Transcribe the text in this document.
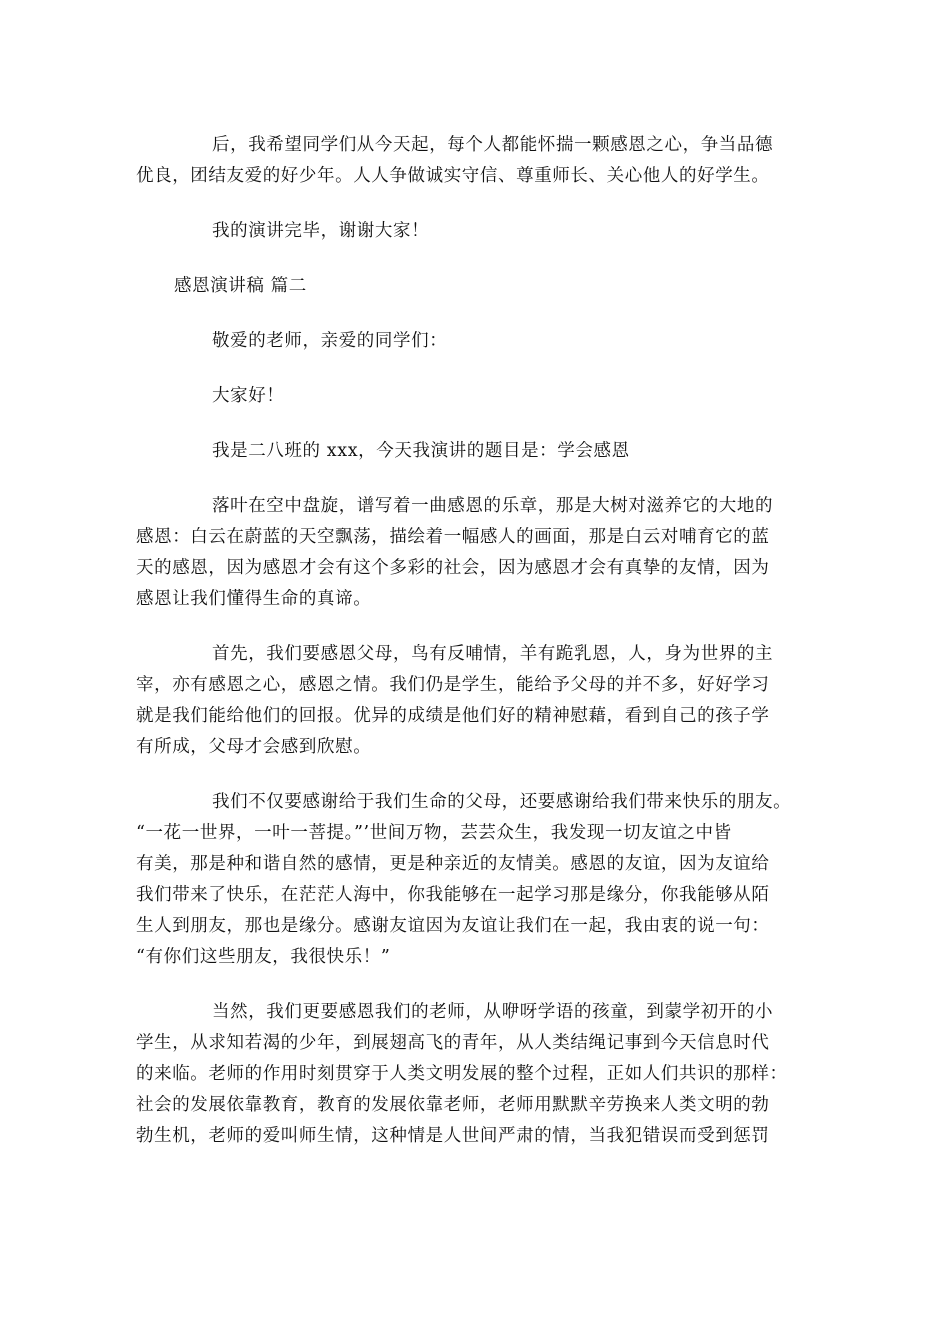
后，我希望同学们从今天起，每个人都能怀揣一颗感恩之心，争当品德

优良，团结友爱的好少年。人人争做诚实守信、尊重师长、关心他人的好学生。

我的演讲完毕，谢谢大家！

感恩演讲稿 篇二

敬爱的老师，亲爱的同学们：

大家好！

我是二八班的 xxx，今天我演讲的题目是：学会感恩

落叶在空中盘旋，谱写着一曲感恩的乐章，那是大树对滋养它的大地的

感恩：白云在蔚蓝的天空飘荡，描绘着一幅感人的画面，那是白云对哺育它的蓝

天的感恩，因为感恩才会有这个多彩的社会，因为感恩才会有真挚的友情，因为

感恩让我们懂得生命的真谛。

首先，我们要感恩父母，鸟有反哺情，羊有跪乳恩，人，身为世界的主

宰，亦有感恩之心，感恩之情。我们仍是学生，能给予父母的并不多，好好学习

就是我们能给他们的回报。优异的成绩是他们好的精神慰藉，看到自己的孩子学

有所成，父母才会感到欣慰。

我们不仅要感谢给于我们生命的父母，还要感谢给我们带来快乐的朋友。

“一花一世界，一叶一菩提。”’世间万物，芸芸众生，我发现一切友谊之中皆

有美，那是种和谐自然的感情，更是种亲近的友情美。感恩的友谊，因为友谊给

我们带来了快乐，在茫茫人海中，你我能够在一起学习那是缘分，你我能够从陌

生人到朋友，那也是缘分。感谢友谊因为友谊让我们在一起，我由衷的说一句：

“有你们这些朋友，我很快乐！”

当然，我们更要感恩我们的老师，从咿呀学语的孩童，到蒙学初开的小

学生，从求知若渴的少年，到展翅高飞的青年，从人类结绳记事到今天信息时代

的来临。老师的作用时刻贯穿于人类文明发展的整个过程，正如人们共识的那样：

社会的发展依靠教育，教育的发展依靠老师，老师用默默辛劳换来人类文明的勃

勃生机，老师的爱叫师生情，这种情是人世间严肃的情，当我犯错误而受到惩罚
